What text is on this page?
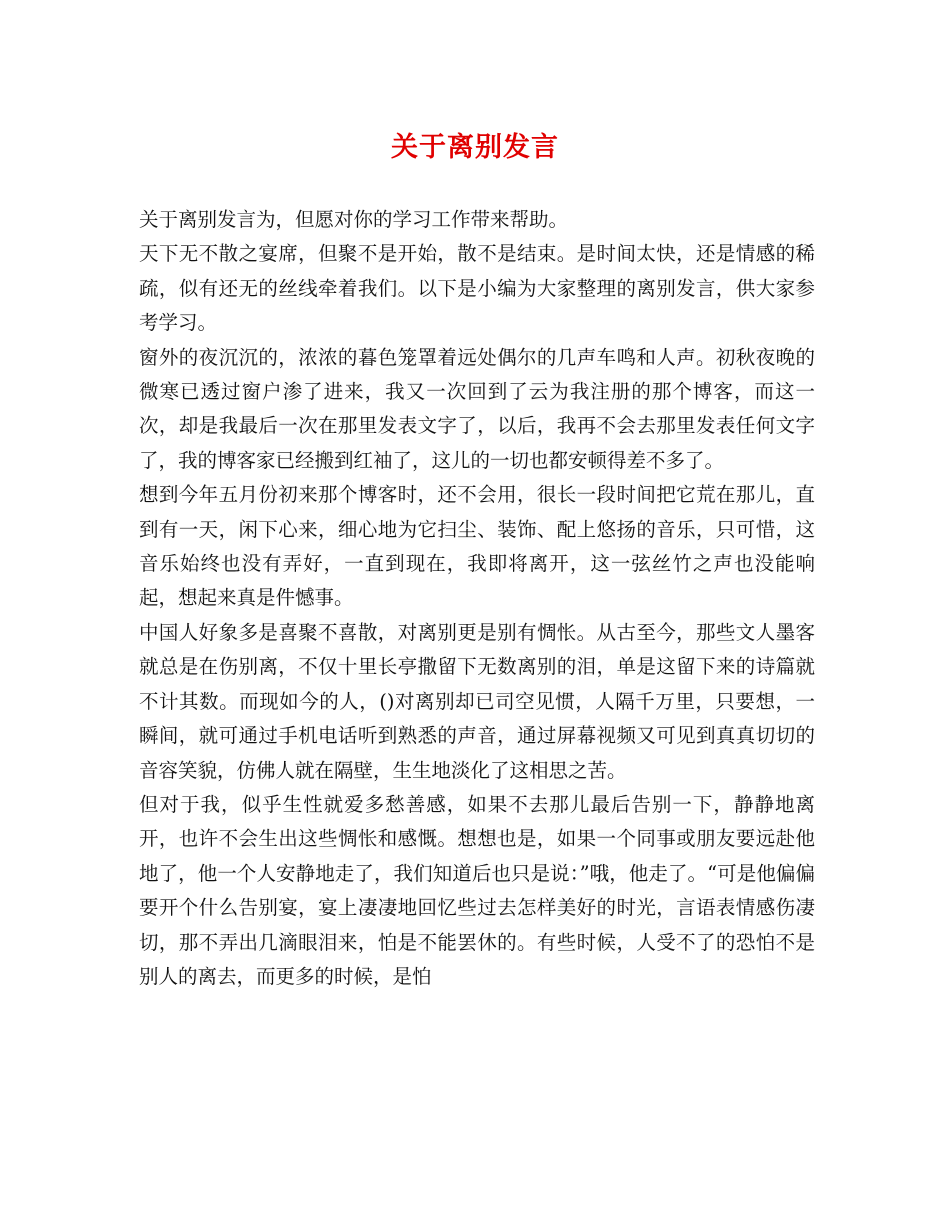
关于离别发言

关于离别发言为，但愿对你的学习工作带来帮助。

天下无不散之宴席，但聚不是开始，散不是结束。是时间太快，还是情感的稀疏，似有还无的丝线牵着我们。以下是小编为大家整理的离别发言，供大家参考学习。

窗外的夜沉沉的，浓浓的暮色笼罩着远处偶尔的几声车鸣和人声。初秋夜晚的微寒已透过窗户渗了进来，我又一次回到了云为我注册的那个博客，而这一次，却是我最后一次在那里发表文字了，以后，我再不会去那里发表任何文字了，我的博客家已经搬到红袖了，这儿的一切也都安顿得差不多了。

想到今年五月份初来那个博客时，还不会用，很长一段时间把它荒在那儿，直到有一天，闲下心来，细心地为它扫尘、装饰、配上悠扬的音乐，只可惜，这音乐始终也没有弄好，一直到现在，我即将离开，这一弦丝竹之声也没能响起，想起来真是件憾事。

中国人好象多是喜聚不喜散，对离别更是别有惆怅。从古至今，那些文人墨客就总是在伤别离，不仅十里长亭撒留下无数离别的泪，单是这留下来的诗篇就不计其数。而现如今的人，()对离别却已司空见惯，人隔千万里，只要想，一瞬间，就可通过手机电话听到熟悉的声音，通过屏幕视频又可见到真真切切的音容笑貌，仿佛人就在隔壁，生生地淡化了这相思之苦。

但对于我，似乎生性就爱多愁善感，如果不去那儿最后告别一下，静静地离开，也许不会生出这些惆怅和感慨。想想也是，如果一个同事或朋友要远赴他地了，他一个人安静地走了，我们知道后也只是说：”哦，他走了。“可是他偏偏要开个什么告别宴，宴上凄凄地回忆些过去怎样美好的时光，言语表情感伤凄切，那不弄出几滴眼泪来，怕是不能罢休的。有些时候，人受不了的恐怕不是别人的离去，而更多的时候，是怕
